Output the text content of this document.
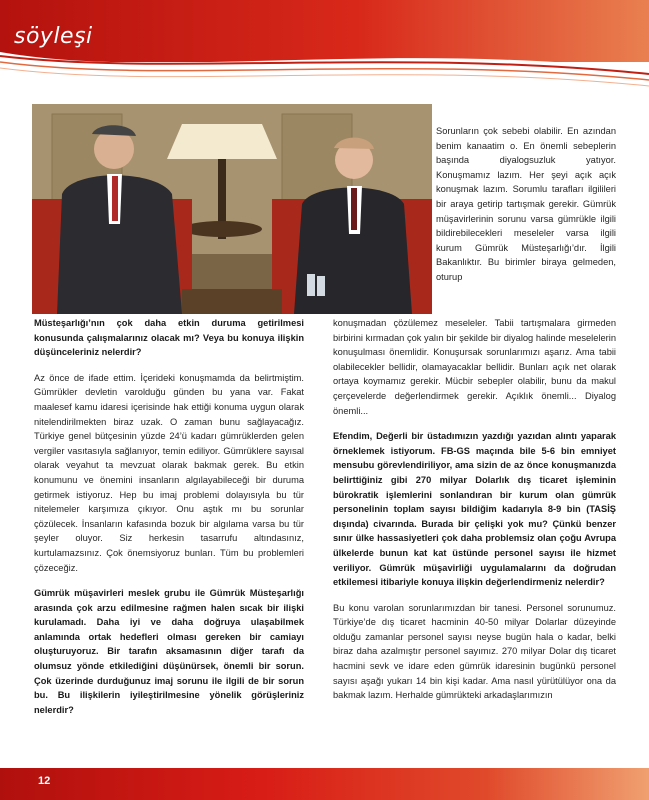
söyleşi

Sorunların çok sebebi olabilir. En azından benim kanaatim o. En önemli sebeplerin başında diyalogsuzluk yatıyor. Konuşmamız lazım. Her şeyi açık açık konuşmak lazım. Sorumlu tarafları ilgilileri bir araya getirip tartışmak gerekir. Gümrük müşavirlerinin sorunu varsa gümrükle ilgili bildirebilecekleri meseleler varsa ilgili kurum Gümrük Müsteşarlığı’dır. İlgili Bakanlıktır. Bu birimler biraya gelmeden, oturup

Müsteşarlığı’nın çok daha etkin duruma getirilmesi konusunda çalışmalarınız olacak mı? Veya bu konuya ilişkin düşünceleriniz nelerdir?

Az önce de ifade ettim. İçerideki konuşmamda da belirtmiştim. Gümrükler devletin varolduğu günden bu yana var. Fakat maalesef kamu idaresi içerisinde hak ettiği konuma uygun olarak nitelendirilmekten biraz uzak. O zaman bunu sağlayacağız. Türkiye genel bütçesinin yüzde 24’ü kadarı gümrüklerden gelen vergiler vasıtasıyla sağlanıyor, temin ediliyor. Gümrüklere sayısal olarak veyahut ta mevzuat olarak bakmak gerek. Bu etkin konumunu ve önemini insanların algılayabileceği bir duruma getirmek istiyoruz. Hep bu imaj problemi dolayısıyla bu tür nitelemeler karşımıza çıkıyor. Onu aştık mı bu sorunlar çözülecek. İnsanların kafasında bozuk bir algılama varsa bu tür şeyler oluyor. Siz herkesin tasarrufu altındasınız, kurtulamazsınız. Çok önemsiyoruz bunları. Tüm bu problemleri çözeceğiz.

Gümrük müşavirleri meslek grubu ile Gümrük Müsteşarlığı arasında çok arzu edilmesine rağmen halen sıcak bir ilişki kurulamadı. Daha iyi ve daha doğruya ulaşabilmek anlamında ortak hedefleri olması gereken bir camiayı oluşturuyoruz. Bir tarafın aksamasının diğer tarafı da olumsuz yönde etkilediğini düşünürsek, önemli bir sorun. Çok üzerinde durduğunuz imaj sorunu ile ilgili de bir sorun bu. Bu ilişkilerin iyileştirilmesine yönelik görüşleriniz nelerdir?

konuşmadan çözülemez meseleler. Tabii tartışmalara girmeden birbirini kırmadan çok yalın bir şekilde bir diyalog halinde meselelerin konuşulması önemlidir. Konuşursak sorunlarımızı aşarız. Ama tabii olabilecekler bellidir, olamayacaklar bellidir. Bunları açık net olarak ortaya koymamız gerekir. Mücbir sebepler olabilir, bunu da makul çerçevelerde değerlendirmek gerekir. Açıklık önemli... Diyalog önemli...

Efendim, Değerli bir üstadımızın yazdığı yazıdan alıntı yaparak örneklemek istiyorum. FB-GS maçında bile 5-6 bin emniyet mensubu görevlendiriliyor, ama sizin de az önce konuşmanızda belirttiğiniz gibi 270 milyar Dolarlık dış ticaret işleminin bürokratik işlemlerini sonlandıran bir kurum olan gümrük personelinin toplam sayısı bildiğim kadarıyla 8-9 bin (TASİŞ dışında) civarında. Burada bir çelişki yok mu? Çünkü benzer sınır ülke hassasiyetleri çok daha problemsiz olan çoğu Avrupa ülkelerde bunun kat kat üstünde personel sayısı ile hizmet veriliyor. Gümrük müşavirliği uygulamalarını da doğrudan etkilemesi itibariyle konuya ilişkin değerlendirmeniz nelerdir?

Bu konu varolan sorunlarımızdan bir tanesi. Personel sorunumuz. Türkiye’de dış ticaret hacminin 40-50 milyar Dolarlar düzeyinde olduğu zamanlar personel sayısı neyse bugün hala o kadar, belki biraz daha azalmıştır personel sayımız. 270 milyar Dolar dış ticaret hacmini sevk ve idare eden gümrük idaresinin bugünkü personel sayısı aşağı yukarı 14 bin kişi kadar. Ama nasıl yürütülüyor ona da bakmak lazım. Herhalde gümrükteki arkadaşlarımızın

12
